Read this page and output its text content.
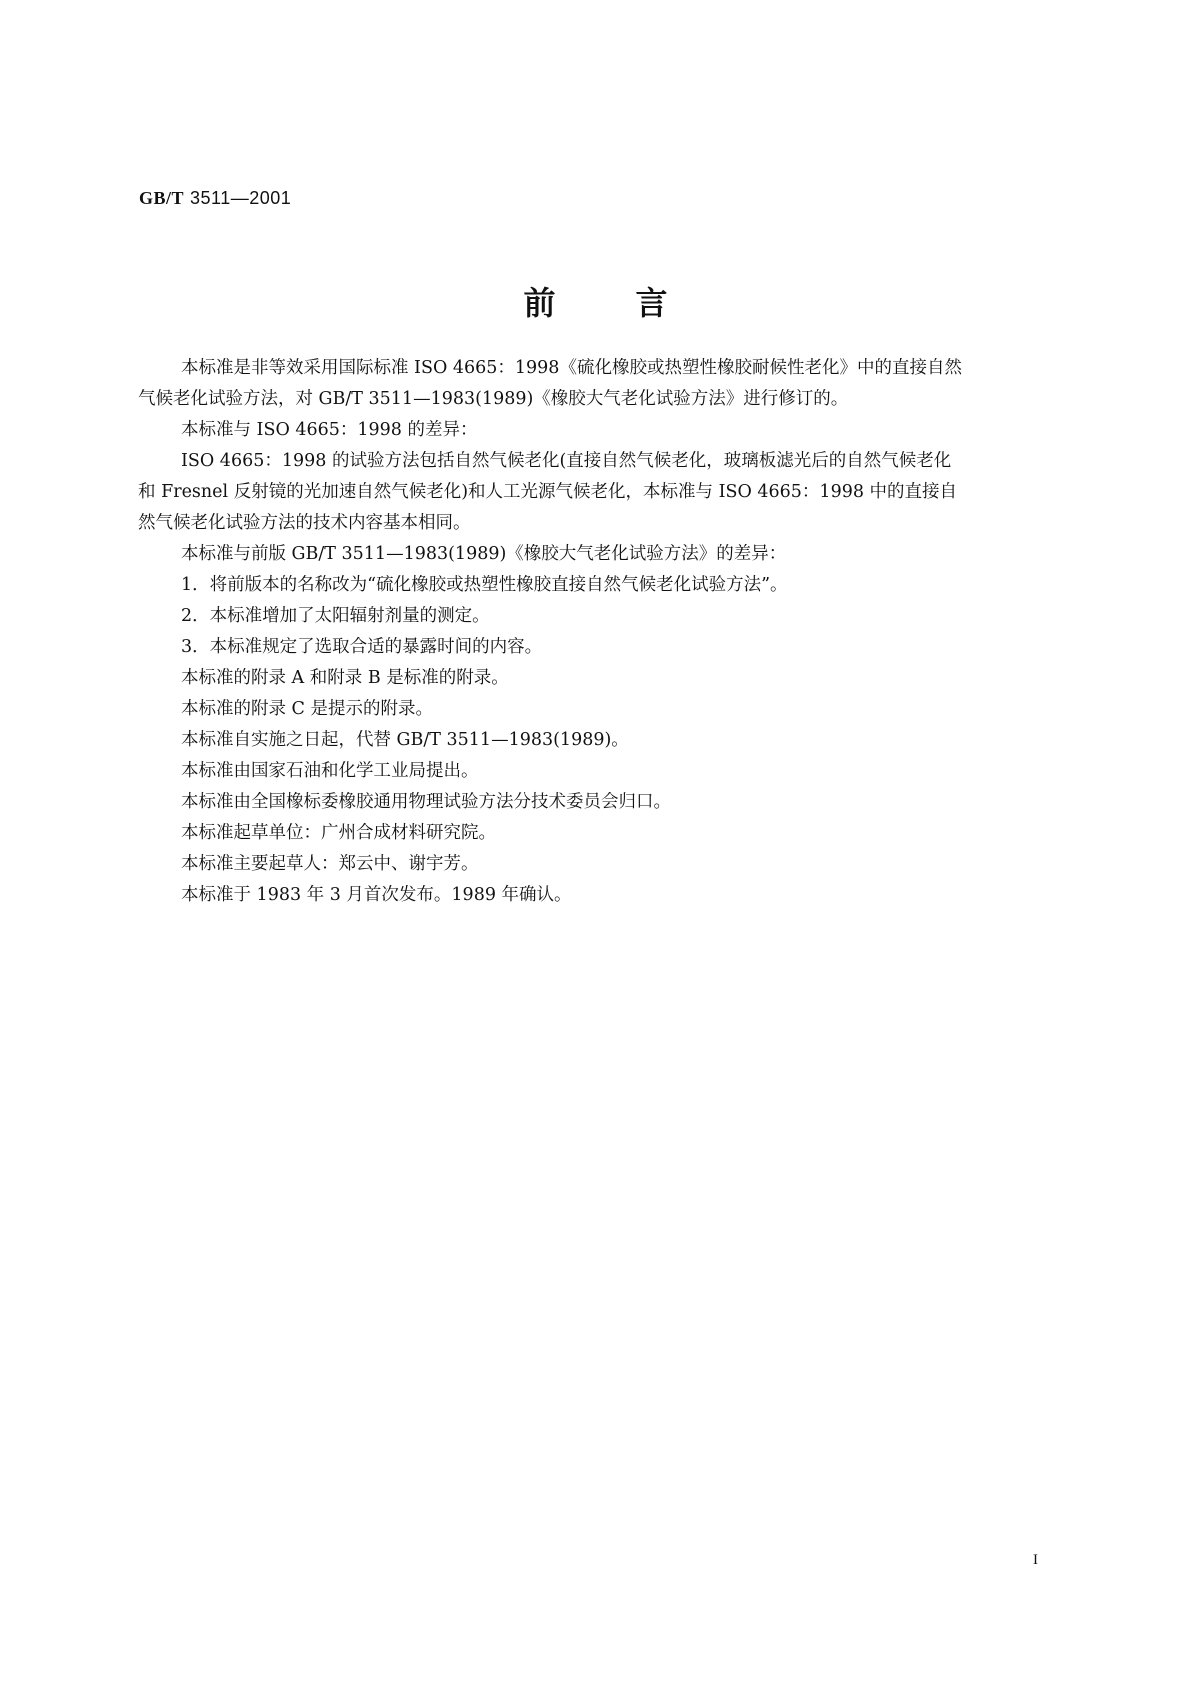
GB/T 3511—2001
前言

本标准是非等效采用国际标准 ISO 4665：1998《硫化橡胶或热塑性橡胶耐候性老化》中的直接自然

气候老化试验方法，对 GB/T 3511—1983(1989)《橡胶大气老化试验方法》进行修订的。

本标准与 ISO 4665：1998 的差异：

ISO 4665：1998 的试验方法包括自然气候老化(直接自然气候老化，玻璃板滤光后的自然气候老化

和 Fresnel 反射镜的光加速自然气候老化)和人工光源气候老化，本标准与 ISO 4665：1998 中的直接自

然气候老化试验方法的技术内容基本相同。

本标准与前版 GB/T 3511—1983(1989)《橡胶大气老化试验方法》的差异：

1．将前版本的名称改为“硫化橡胶或热塑性橡胶直接自然气候老化试验方法”。

2．本标准增加了太阳辐射剂量的测定。

3．本标准规定了选取合适的暴露时间的内容。

本标准的附录 A 和附录 B 是标准的附录。

本标准的附录 C 是提示的附录。

本标准自实施之日起，代替 GB/T 3511—1983(1989)。

本标准由国家石油和化学工业局提出。

本标准由全国橡标委橡胶通用物理试验方法分技术委员会归口。

本标准起草单位：广州合成材料研究院。

本标准主要起草人：郑云中、谢宇芳。

本标准于 1983 年 3 月首次发布。1989 年确认。

I
